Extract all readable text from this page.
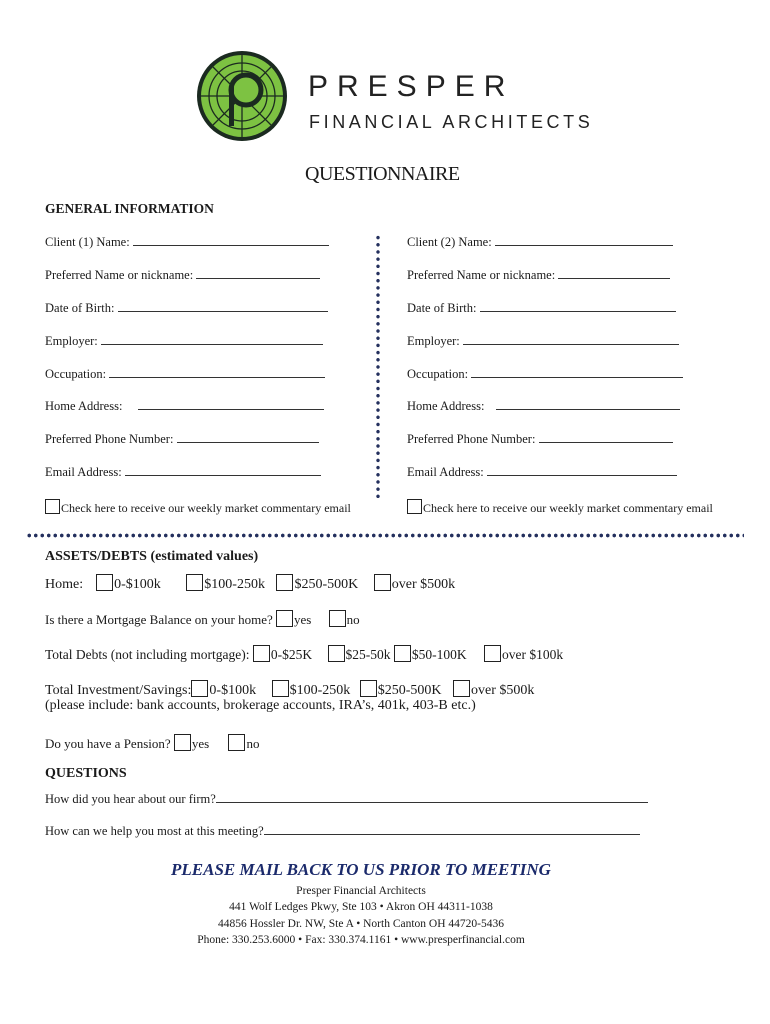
PRESPER
FINANCIAL ARCHITECTS
QUESTIONNAIRE
GENERAL INFORMATION
Client (1) Name:
Preferred Name or nickname:
Date of Birth:
Employer:
Occupation:
Home Address:
Preferred Phone Number:
Email Address:
Check here to receive our weekly market commentary email
Client (2) Name:
Preferred Name or nickname:
Date of Birth:
Employer:
Occupation:
Home Address:
Preferred Phone Number:
Email Address:
Check here to receive our weekly market commentary email
ASSETS/DEBTS (estimated values)
Home: 0-$100k	$100-250k $250-500K over $500k
Is there a Mortgage Balance on your home? yes	no
Total Debts (not including mortgage): 0-$25K $25-50k $50-100K	over $100k
Total Investment/Savings: 0-$100k $100-250k $250-500K over $500k
(please include: bank accounts, brokerage accounts, IRA’s, 401k, 403-B etc.)
Do you have a Pension? yes	no
QUESTIONS
How did you hear about our firm?
How can we help you most at this meeting?
PLEASE MAIL BACK TO US PRIOR TO MEETING
Presper Financial Architects
441 Wolf Ledges Pkwy, Ste 103 • Akron OH 44311-1038
44856 Hossler Dr. NW, Ste A • North Canton OH 44720-5436
Phone: 330.253.6000 • Fax: 330.374.1161 • www.presperfinancial.com
